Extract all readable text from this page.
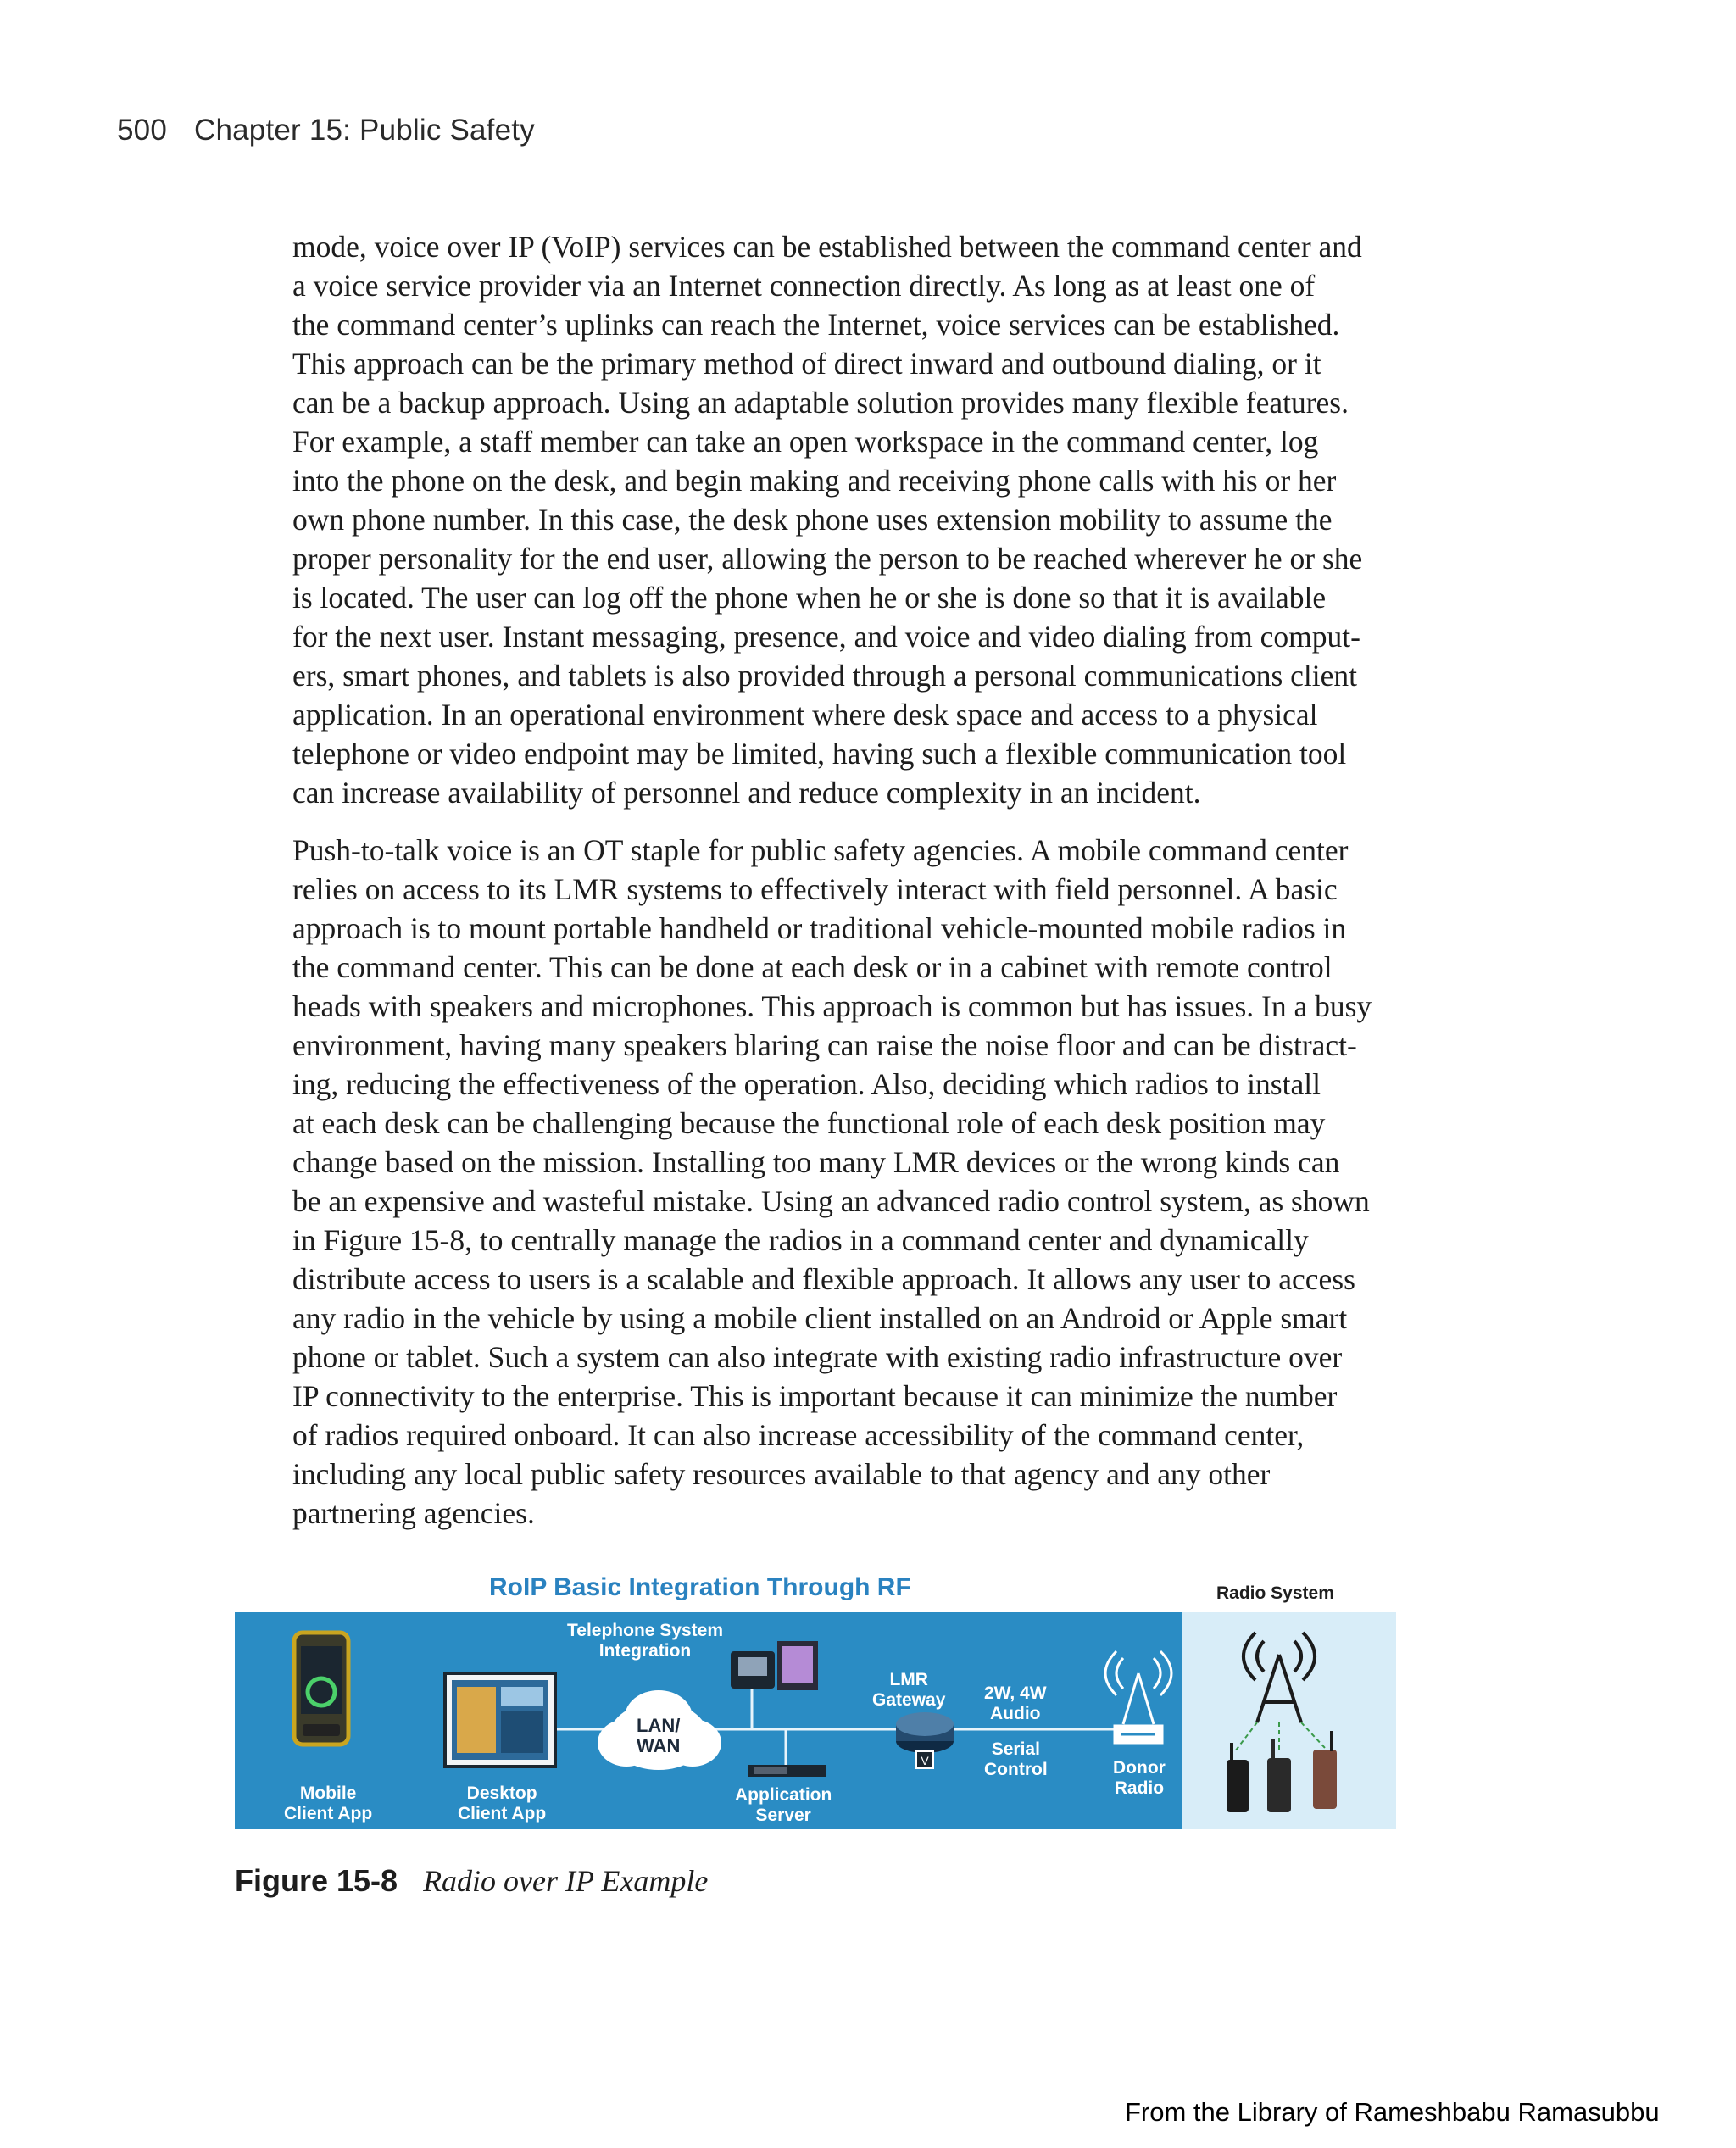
500 Chapter 15: Public Safety

mode, voice over IP (VoIP) services can be established between the command center and
a voice service provider via an Internet connection directly. As long as at least one of
the command center’s uplinks can reach the Internet, voice services can be established.
This approach can be the primary method of direct inward and outbound dialing, or it
can be a backup approach. Using an adaptable solution provides many flexible features.
For example, a staff member can take an open workspace in the command center, log
into the phone on the desk, and begin making and receiving phone calls with his or her
own phone number. In this case, the desk phone uses extension mobility to assume the
proper personality for the end user, allowing the person to be reached wherever he or she
is located. The user can log off the phone when he or she is done so that it is available
for the next user. Instant messaging, presence, and voice and video dialing from comput-
ers, smart phones, and tablets is also provided through a personal communications client
application. In an operational environment where desk space and access to a physical
telephone or video endpoint may be limited, having such a flexible communication tool
can increase availability of personnel and reduce complexity in an incident.

Push-to-talk voice is an OT staple for public safety agencies. A mobile command center
relies on access to its LMR systems to effectively interact with field personnel. A basic
approach is to mount portable handheld or traditional vehicle-mounted mobile radios in
the command center. This can be done at each desk or in a cabinet with remote control
heads with speakers and microphones. This approach is common but has issues. In a busy
environment, having many speakers blaring can raise the noise floor and can be distract-
ing, reducing the effectiveness of the operation. Also, deciding which radios to install
at each desk can be challenging because the functional role of each desk position may
change based on the mission. Installing too many LMR devices or the wrong kinds can
be an expensive and wasteful mistake. Using an advanced radio control system, as shown
in Figure 15-8, to centrally manage the radios in a command center and dynamically
distribute access to users is a scalable and flexible approach. It allows any user to access
any radio in the vehicle by using a mobile client installed on an Android or Apple smart
phone or tablet. Such a system can also integrate with existing radio infrastructure over
IP connectivity to the enterprise. This is important because it can minimize the number
of radios required onboard. It can also increase accessibility of the command center,
including any local public safety resources available to that agency and any other
partnering agencies.

V
RoIP Basic Integration Through RF	Radio System
Telephone System
Integration
LAN/
WAN
LMR
Gateway 2W, 4W
Audio
Serial
Control	Donor
Radio
Mobile
Client App
Desktop
Client App
Application
Server
Figure 15-8 Radio over IP Example
From the Library of Rameshbabu Ramasubbu
